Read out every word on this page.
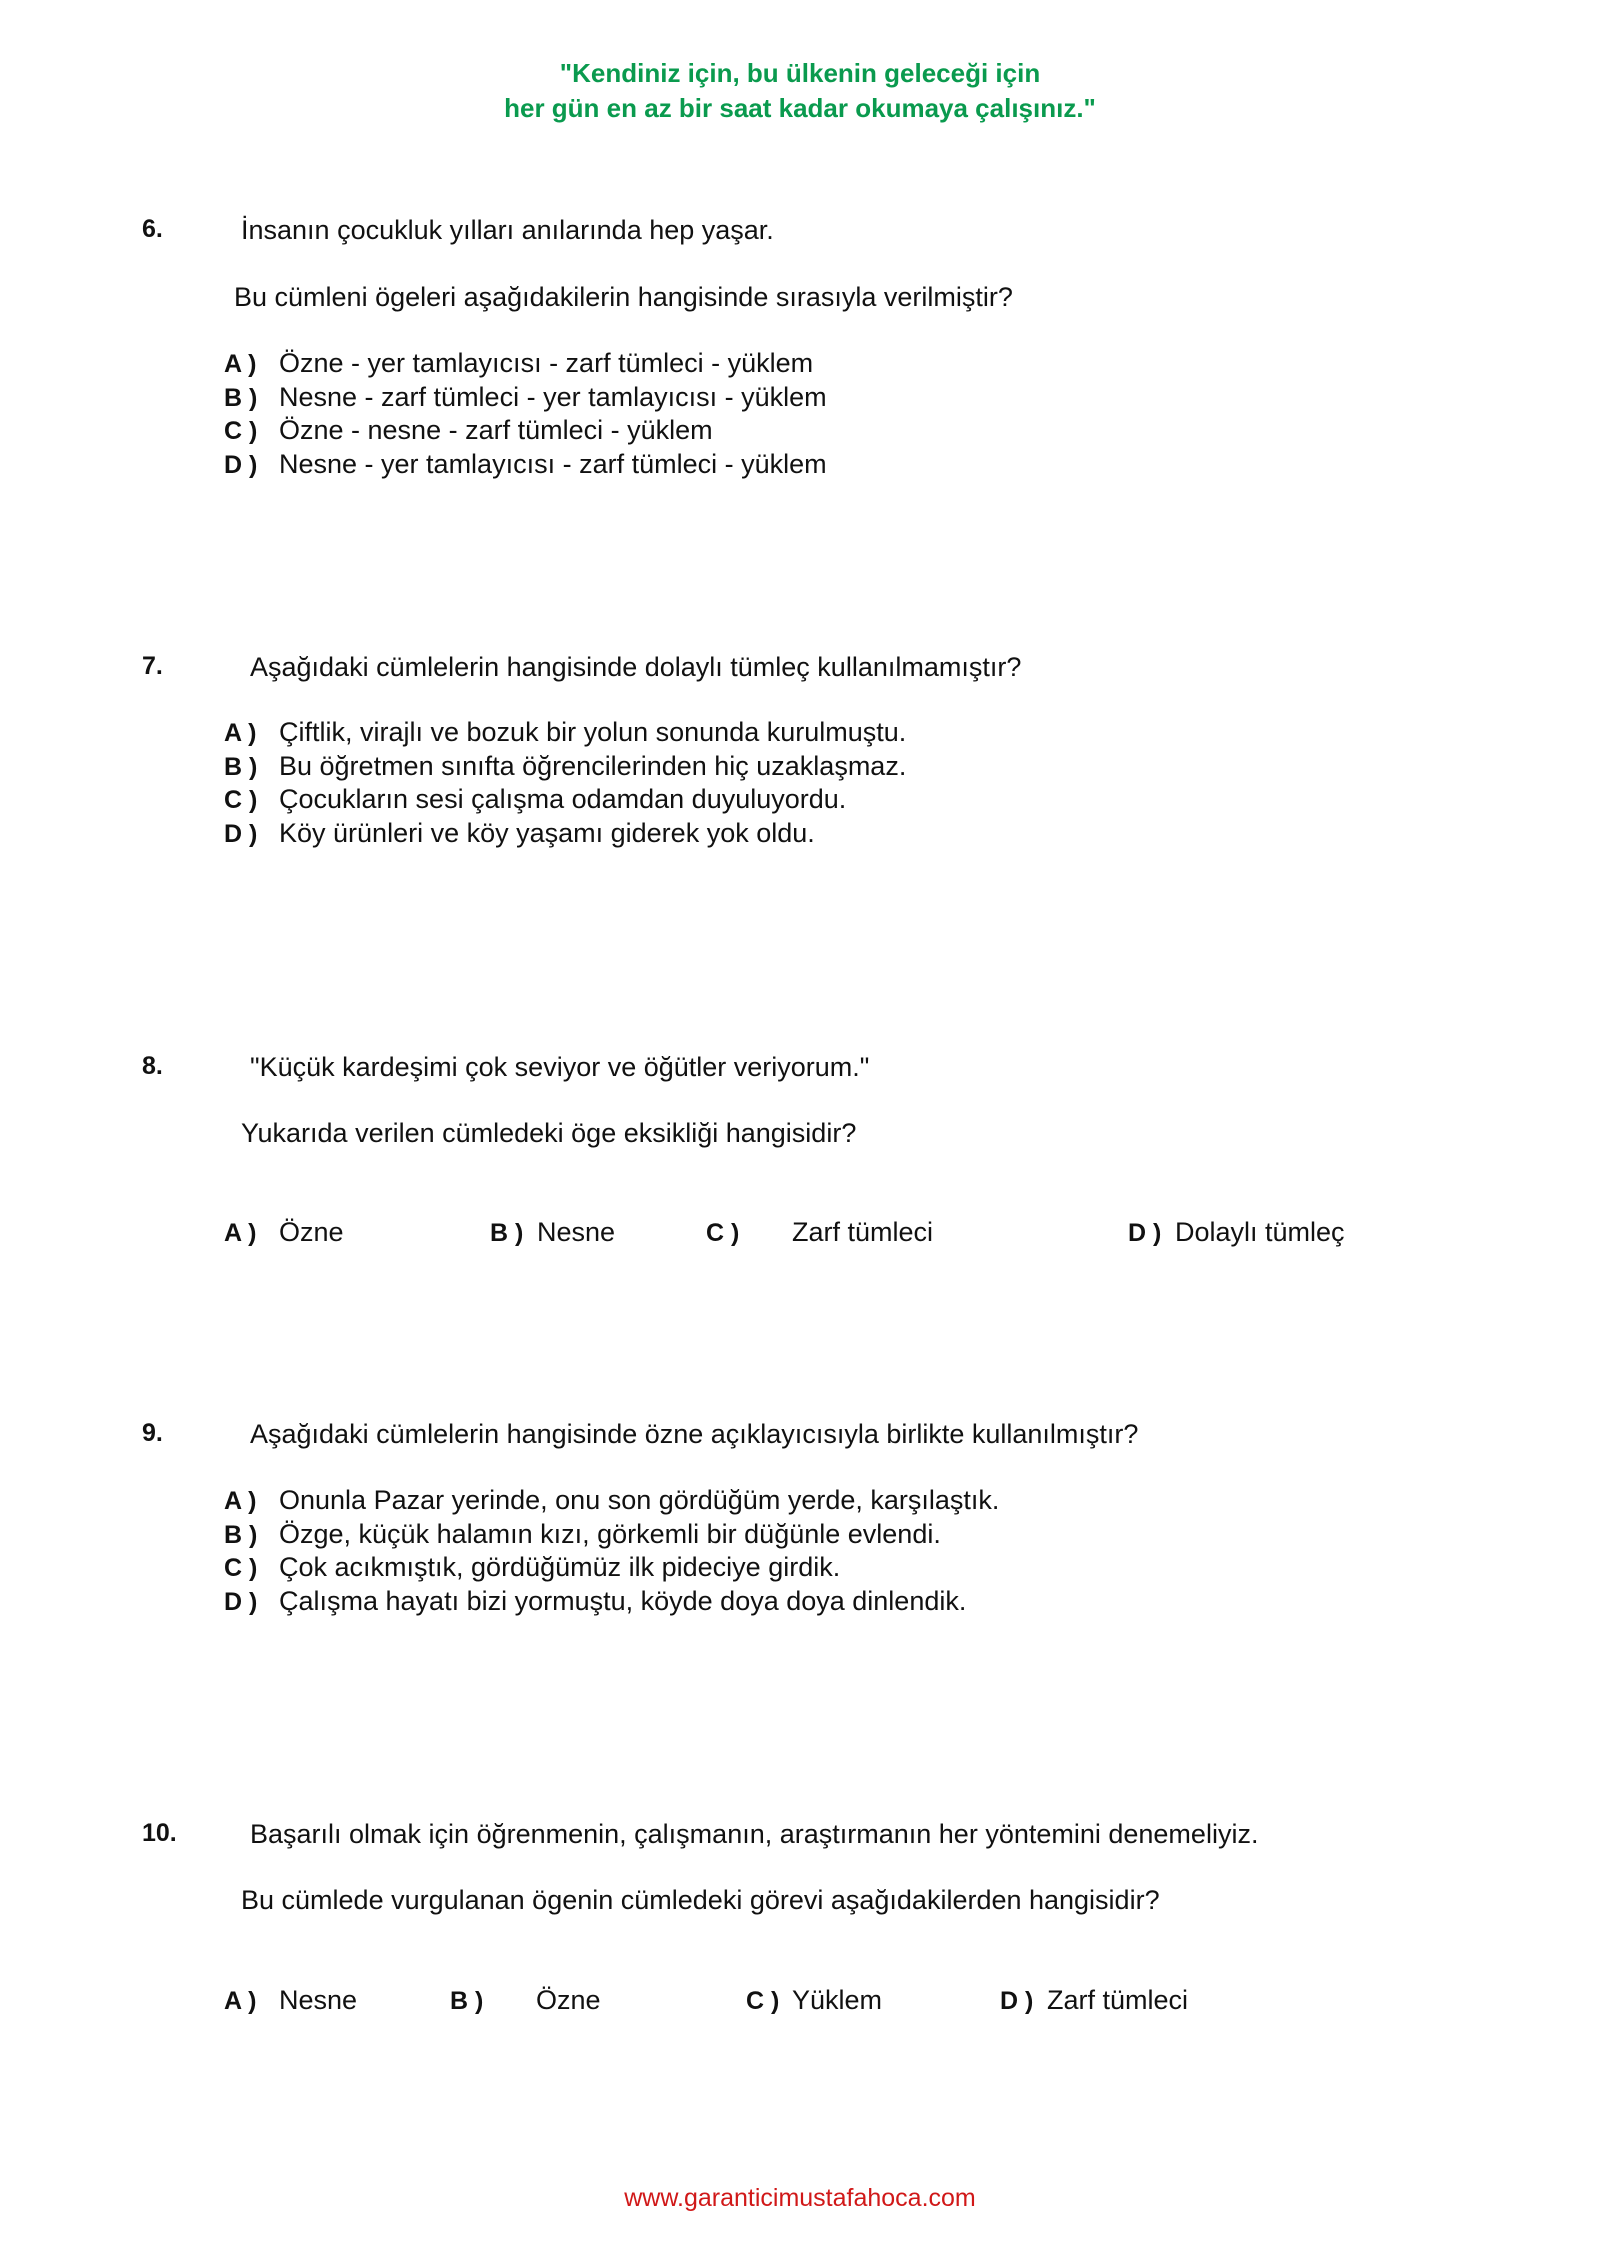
"Kendiniz için, bu ülkenin geleceği için
her gün en az bir saat kadar okumaya çalışınız."
6.	İnsanın çocukluk yılları anılarında hep yaşar.
Bu cümleni ögeleri aşağıdakilerin hangisinde sırasıyla verilmiştir?
A ) Özne - yer tamlayıcısı - zarf tümleci - yüklem
B ) Nesne - zarf tümleci - yer tamlayıcısı - yüklem
C ) Özne - nesne - zarf tümleci - yüklem
D ) Nesne - yer tamlayıcısı - zarf tümleci - yüklem
7.	Aşağıdaki cümlelerin hangisinde dolaylı tümleç kullanılmamıştır?
A ) Çiftlik, virajlı ve bozuk bir yolun sonunda kurulmuştu.
B ) Bu öğretmen sınıfta öğrencilerinden hiç uzaklaşmaz.
C ) Çocukların sesi çalışma odamdan duyuluyordu.
D ) Köy ürünleri ve köy yaşamı giderek yok oldu.
8.	"Küçük kardeşimi çok seviyor ve öğütler veriyorum."
Yukarıda verilen cümledeki öge eksikliği hangisidir?
A ) Özne	B ) Nesne	C ) Zarf tümleci	D ) Dolaylı tümleç
9.	Aşağıdaki cümlelerin hangisinde özne açıklayıcısıyla birlikte kullanılmıştır?
A ) Onunla Pazar yerinde, onu son gördüğüm yerde, karşılaştık.
B ) Özge, küçük halamın kızı, görkemli bir düğünle evlendi.
C ) Çok acıkmıştık, gördüğümüz ilk pideciye girdik.
D ) Çalışma hayatı bizi yormuştu, köyde doya doya dinlendik.
10.	Başarılı olmak için öğrenmenin, çalışmanın, araştırmanın her yöntemini denemeliyiz.
Bu cümlede vurgulanan ögenin cümledeki görevi aşağıdakilerden hangisidir?
A ) Nesne	B ) Özne	C ) Yüklem	D ) Zarf tümleci
www.garanticimustafahoca.com
